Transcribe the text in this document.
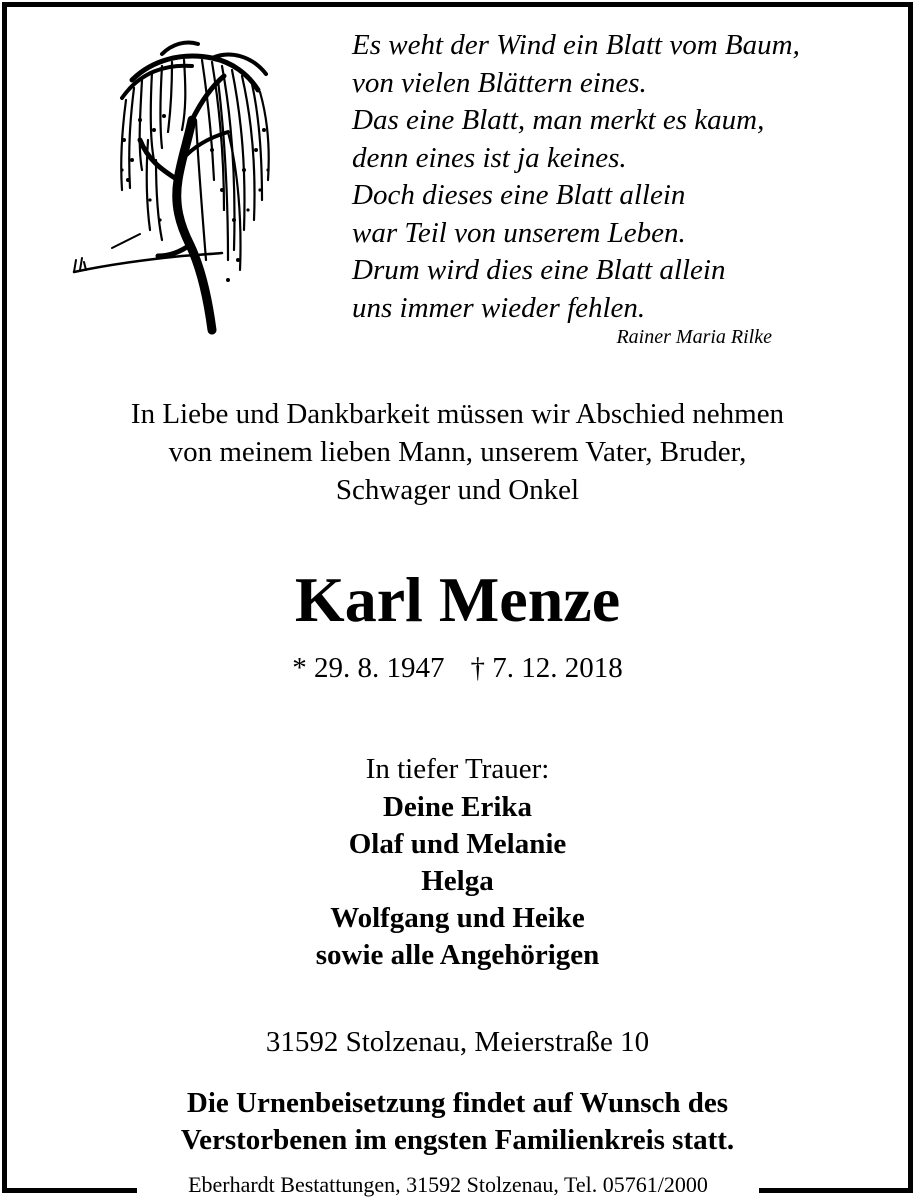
Es weht der Wind ein Blatt vom Baum,
von vielen Blättern eines.
Das eine Blatt, man merkt es kaum,
denn eines ist ja keines.
Doch dieses eine Blatt allein
war Teil von unserem Leben.
Drum wird dies eine Blatt allein
uns immer wieder fehlen.
Rainer Maria Rilke
In Liebe und Dankbarkeit müssen wir Abschied nehmen
von meinem lieben Mann, unserem Vater, Bruder,
Schwager und Onkel
Karl Menze
* 29. 8. 1947 † 7. 12. 2018
In tiefer Trauer:
Deine Erika
Olaf und Melanie
Helga
Wolfgang und Heike
sowie alle Angehörigen
31592 Stolzenau, Meierstraße 10
Die Urnenbeisetzung findet auf Wunsch des
Verstorbenen im engsten Familienkreis statt.
Eberhardt Bestattungen, 31592 Stolzenau, Tel. 05761/2000
